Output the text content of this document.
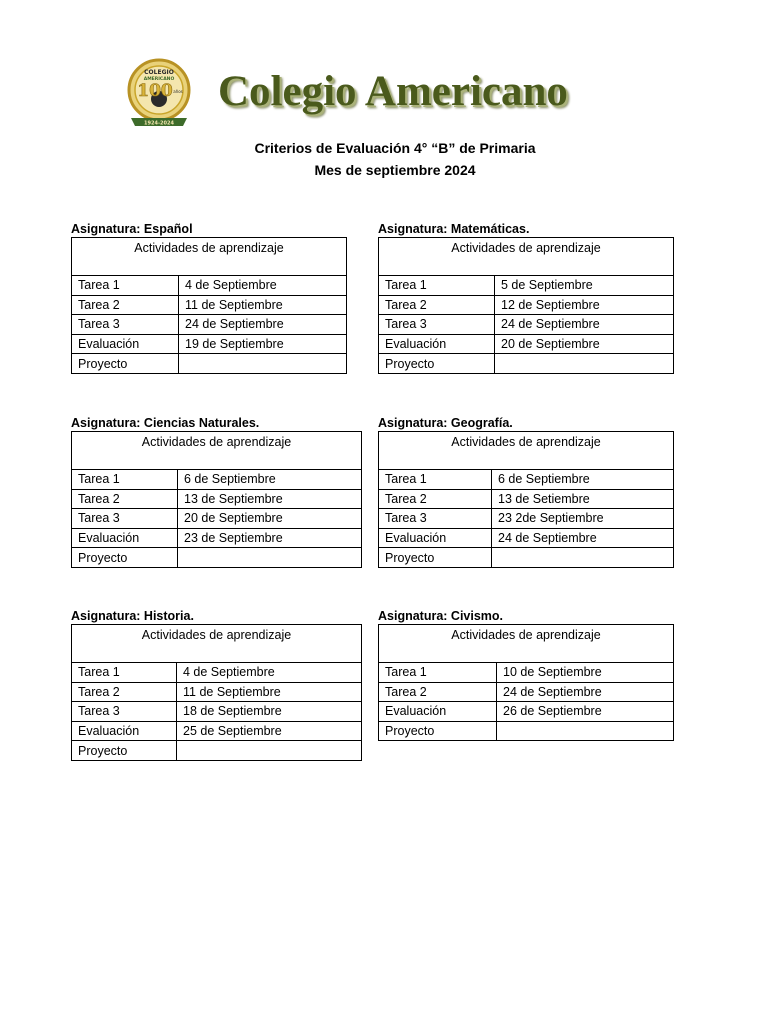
COLEGIO
AMERICANO
100 años
1924-2024
Colegio Americano
Criterios de Evaluación 4° “B” de Primaria
Mes de septiembre 2024
Asignatura: Español
Actividades de aprendizaje	
Tarea 1	4 de Septiembre
Tarea 2	11 de Septiembre
Tarea 3	24 de Septiembre
Evaluación	19 de Septiembre
Proyecto	
Asignatura: Matemáticas.
Actividades de aprendizaje	
Tarea 1	5 de Septiembre
Tarea 2	12 de Septiembre
Tarea 3	24 de Septiembre
Evaluación	20 de Septiembre
Proyecto	
Asignatura: Ciencias Naturales.
Actividades de aprendizaje	
Tarea 1	6 de Septiembre
Tarea 2	13 de Septiembre
Tarea 3	20 de Septiembre
Evaluación	23 de Septiembre
Proyecto	
Asignatura: Geografía.
Actividades de aprendizaje	
Tarea 1	6 de Septiembre
Tarea 2	13 de Setiembre
Tarea 3	23 2de Septiembre
Evaluación	24 de Septiembre
Proyecto	
Asignatura: Historia.
Actividades de aprendizaje	
Tarea 1	4 de Septiembre
Tarea 2	11 de Septiembre
Tarea 3	18 de Septiembre
Evaluación	25 de Septiembre
Proyecto	
Asignatura: Civismo.
Actividades de aprendizaje	
Tarea 1	10 de Septiembre
Tarea 2	24 de Septiembre
Evaluación	26 de Septiembre
Proyecto	
